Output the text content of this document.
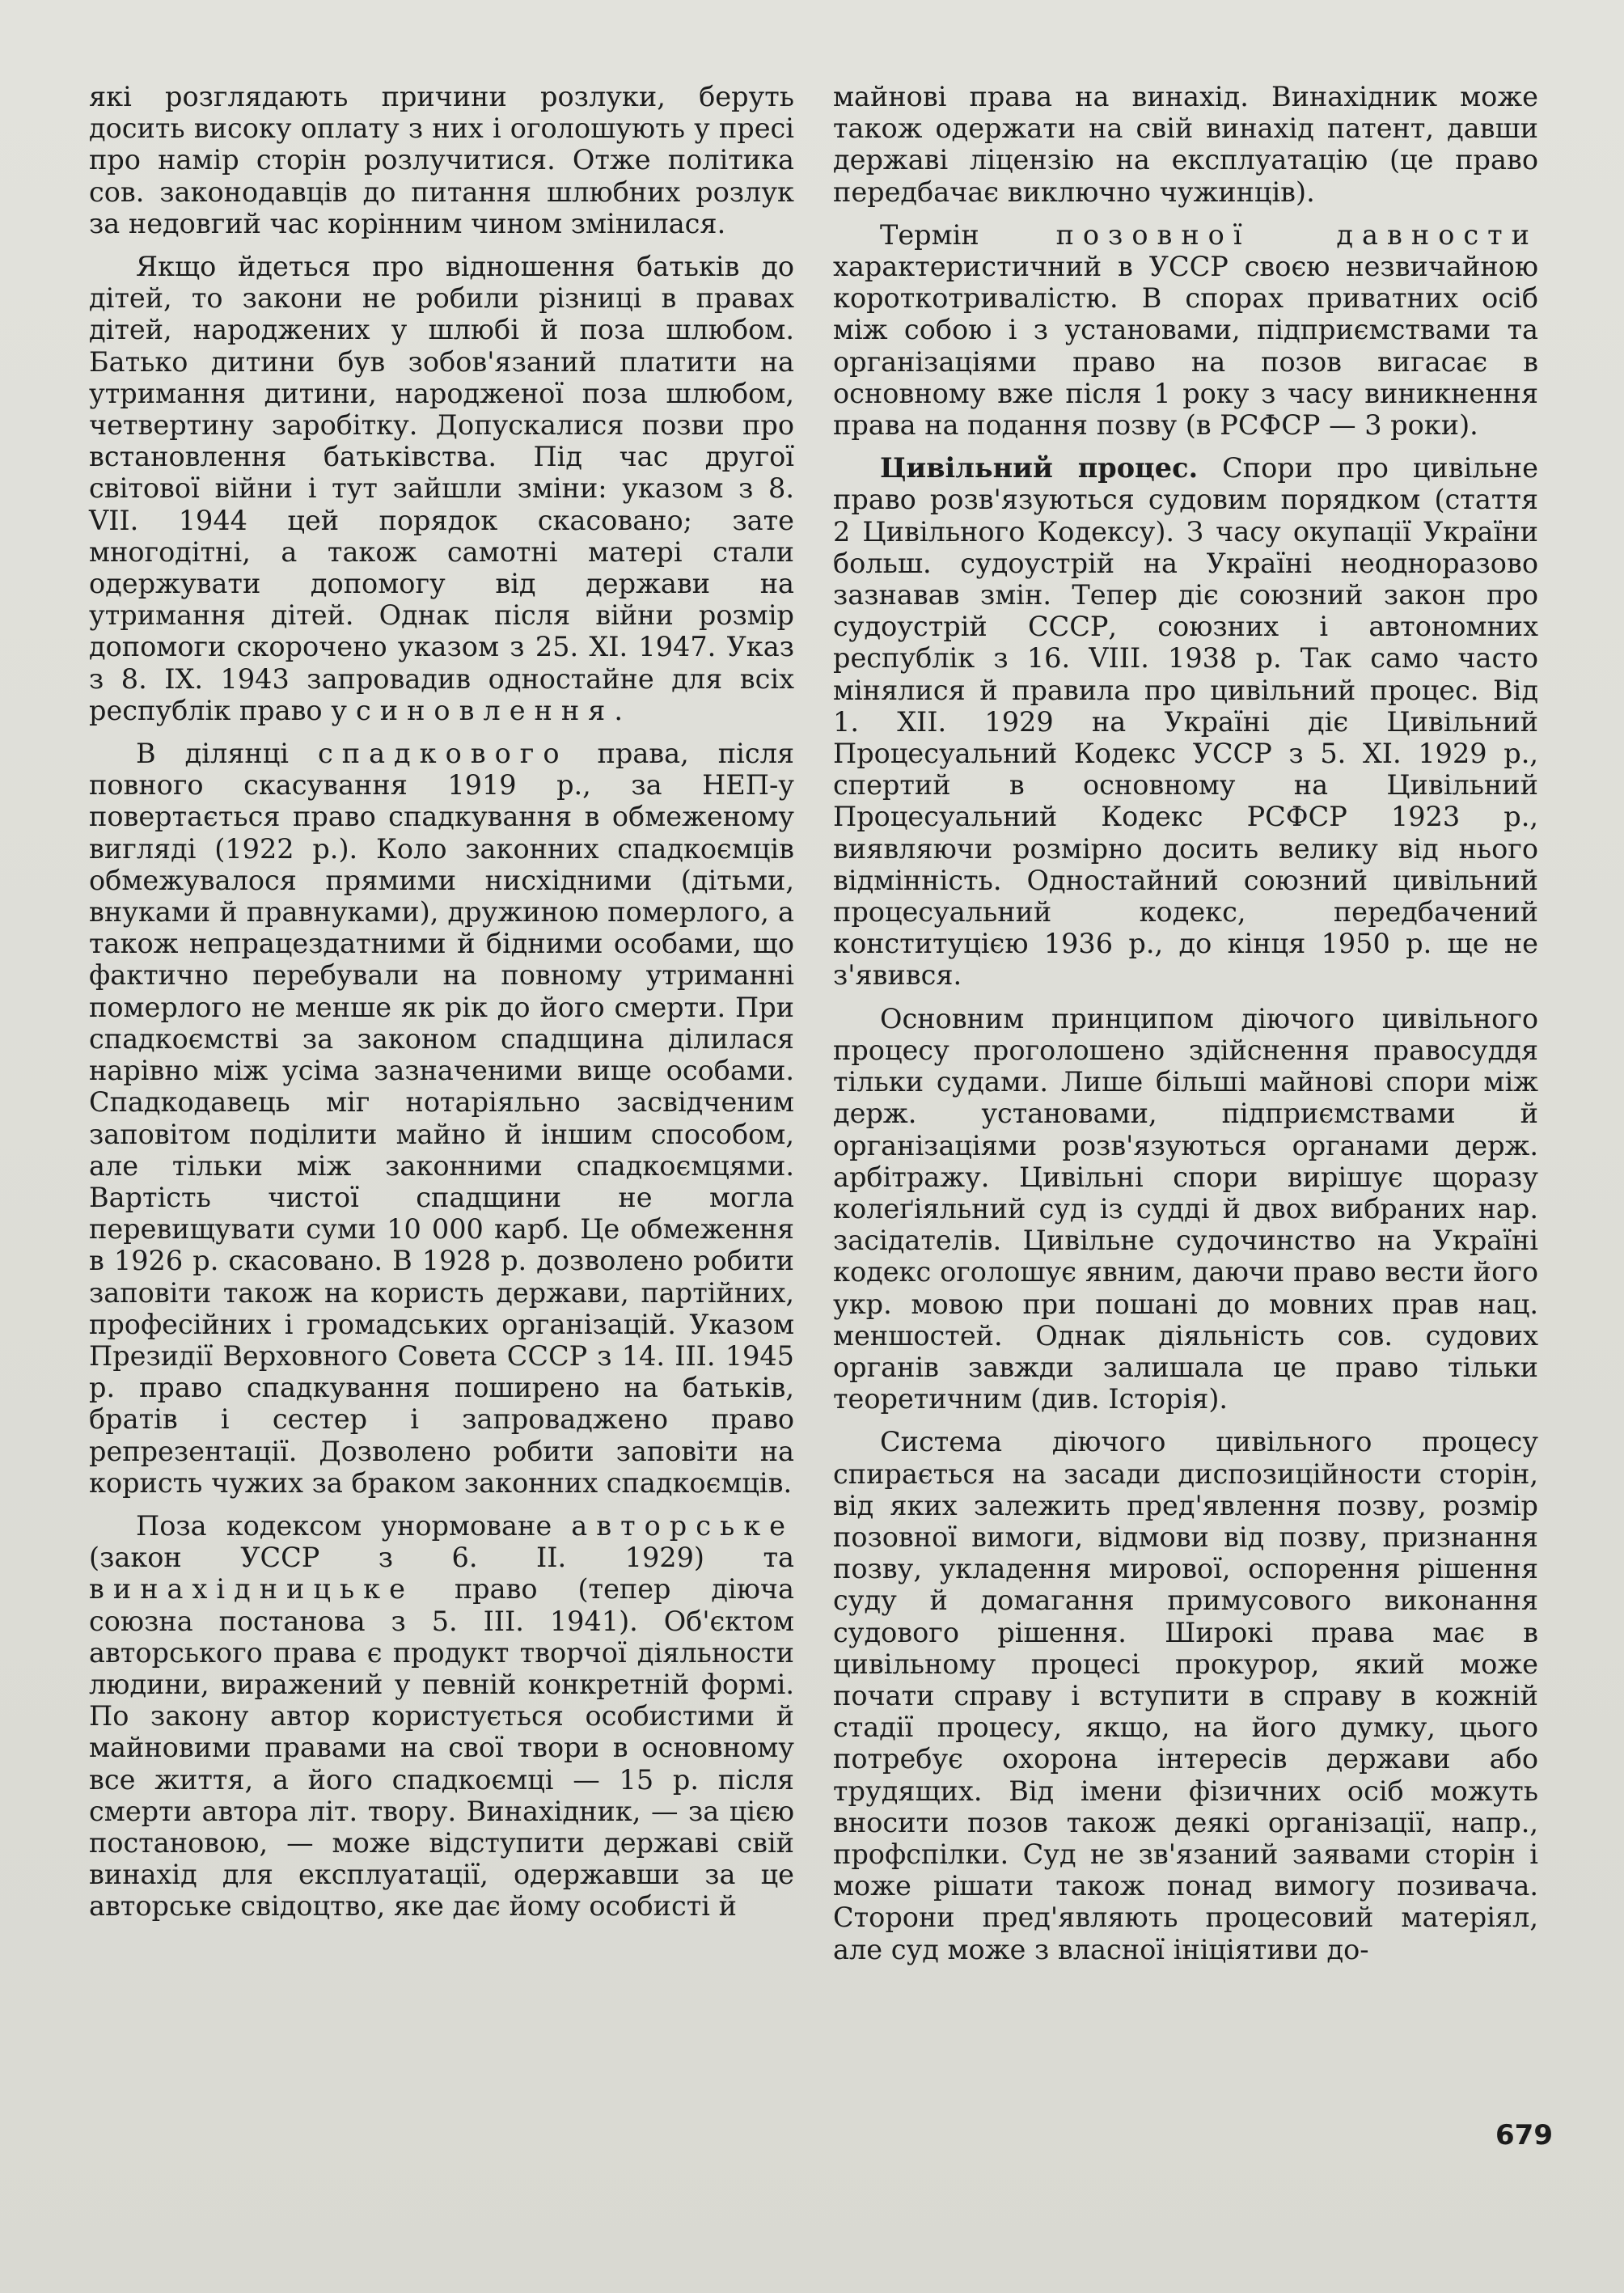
які розглядають причини розлуки, беруть досить високу оплату з них і оголошують у пресі про намір сторін розлучитися. Отже політика сов. законодавців до питання шлюбних розлук за недовгий час корінним чином змінилася.

Якщо йдеться про відношення батьків до дітей, то закони не робили різниці в правах дітей, народжених у шлюбі й поза шлюбом. Батько дитини був зобов'язаний платити на утримання дитини, народженої поза шлюбом, четвертину заробітку. Допускалися позви про встановлення батьківства. Під час другої світової війни і тут зайшли зміни: указом з 8. VII. 1944 цей порядок скасовано; зате многодітні, а також самотні матері стали одержувати допомогу від держави на утримання дітей. Однак після війни розмір допомоги скорочено указом з 25. XI. 1947. Указ з 8. IX. 1943 запровадив одностайне для всіх республік право усиновлення.

В ділянці спадкового права, після повного скасування 1919 р., за НЕП-у повертається право спадкування в обмеженому вигляді (1922 р.). Коло законних спадкоємців обмежувалося прямими нисхідними (дітьми, внуками й правнуками), дружиною померлого, а також непрацездатними й бідними особами, що фактично перебували на повному утриманні померлого не менше як рік до його смерти. При спадкоємстві за законом спадщина ділилася нарівно між усіма зазначеними вище особами. Спадкодавець міг нотаріяльно засвідченим заповітом поділити майно й іншим способом, але тільки між законними спадкоємцями. Вартість чистої спадщини не могла перевищувати суми 10 000 карб. Це обмеження в 1926 р. скасовано. В 1928 р. дозволено робити заповіти також на користь держави, партійних, професійних і громадських організацій. Указом Президії Верховного Совета СССР з 14. III. 1945 р. право спадкування поширено на батьків, братів і сестер і запроваджено право репрезентації. Дозволено робити заповіти на користь чужих за браком законних спадкоємців.

Поза кодексом унормоване авторське (закон УССР з 6. II. 1929) та винахідницьке право (тепер діюча союзна постанова з 5. III. 1941). Об'єктом авторського права є продукт творчої діяльности людини, виражений у певній конкретній формі. По закону автор користується особистими й майновими правами на свої твори в основному все життя, а його спадкоємці — 15 р. після смерти автора літ. твору. Винахідник, — за цією постановою, — може відступити державі свій винахід для експлуатації, одержавши за це авторське свідоцтво, яке дає йому особисті й

майнові права на винахід. Винахідник може також одержати на свій винахід патент, давши державі ліцензію на експлуатацію (це право передбачає виключно чужинців).

Термін	позовної давности характеристичний в УССР своєю незвичайною короткотривалістю. В спорах приватних осіб між собою і з установами, підприємствами та організаціями право на позов вигасає в основному вже після 1 року з часу виникнення права на подання позву (в РСФСР — 3 роки).

Цивільний процес. Спори про цивільне право розв'язуються судовим порядком (стаття 2 Цивільного Кодексу). З часу окупації України больш. судоустрій на Україні неодноразово зазнавав змін. Тепер діє союзний закон про судоустрій СССР, союзних і автономних республік з 16. VIII. 1938 р. Так само часто мінялися й правила про цивільний процес. Від 1. XII. 1929 на Україні діє Цивільний Процесуальний Кодекс УССР з 5. XI. 1929 р., спертий в основному на Цивільний Процесуальний Кодекс РСФСР 1923 р., виявляючи розмірно досить велику від нього відмінність. Одностайний союзний цивільний процесуальний кодекс, передбачений конституцією 1936 р., до кінця 1950 р. ще не з'явився.

Основним принципом діючого цивільного процесу проголошено здійснення правосуддя тільки судами. Лише більші майнові спори між держ. установами, підприємствами й організаціями розв'язуються органами держ. арбітражу. Цивільні спори вирішує щоразу колеґіяльний суд із судді й двох вибраних нар. засідателів. Цивільне судочинство на Україні кодекс оголошує явним, даючи право вести його укр. мовою при пошані до мовних прав нац. меншостей. Однак діяльність сов. судових органів завжди залишала це право тільки теоретичним (див. Історія).

Система діючого цивільного процесу спирається на засади диспозиційности сторін, від яких залежить пред'явлення позву, розмір позовної вимоги, відмови від позву, признання позву, укладення мирової, оспорення рішення суду й домагання примусового виконання судового рішення. Широкі права має в цивільному процесі прокурор, який може почати справу і вступити в справу в кожній стадії процесу, якщо, на його думку, цього потребує охорона інтересів держави або трудящих. Від імени фізичних осіб можуть вносити позов також деякі організації, напр., профспілки. Суд не зв'язаний заявами сторін і може рішати також понад вимогу позивача. Сторони пред'являють процесовий матеріял, але суд може з власної ініціятиви до-

679
